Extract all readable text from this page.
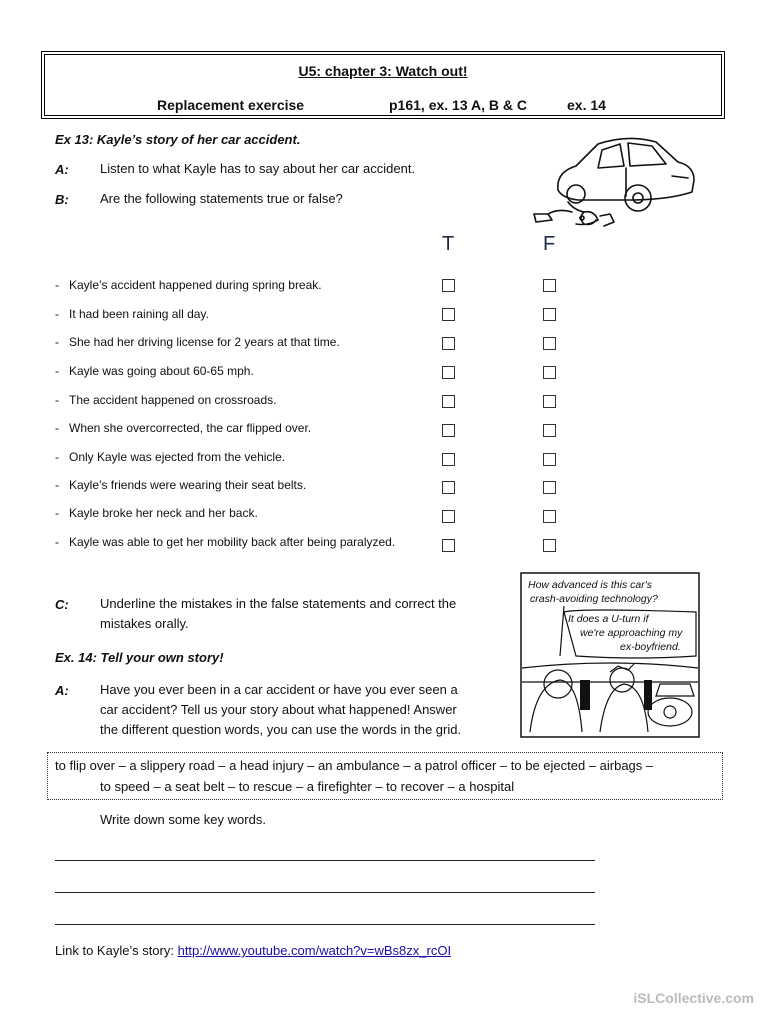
U5: chapter 3: Watch out!
Replacement exercise	p161, ex. 13 A, B & C	ex. 14
Ex 13: Kayle’s story of her car accident.
A: Listen to what Kayle has to say about her car accident.
B: Are the following statements true or false?
T	F
-   Kayle’s accident happened during spring break.
-   It had been raining all day.
-   She had her driving license for 2 years at that time.
-   Kayle was going about 60-65 mph.
-   The accident happened on crossroads.
-   When she overcorrected, the car flipped over.
-   Only Kayle was ejected from the vehicle.
-   Kayle’s friends were wearing their seat belts.
-   Kayle broke her neck and her back.
-   Kayle was able to get her mobility back after being paralyzed.
C: Underline the mistakes in the false statements and correct the
mistakes orally.
How advanced is this car's
crash-avoiding technology?
It does a U-turn if
we're approaching my
ex-boyfriend.
Ex. 14: Tell your own story!
A: Have you ever been in a car accident or have you ever seen a
car accident? Tell us your story about what happened! Answer
the different question words, you can use the words in the grid.
to flip over – a slippery road – a head injury – an ambulance – a patrol officer – to be ejected – airbags –
to speed – a seat belt – to rescue – a firefighter – to recover – a hospital
Write down some key words.
Link to Kayle’s story: http://www.youtube.com/watch?v=wBs8zx_rcOI
iSLCollective.com
